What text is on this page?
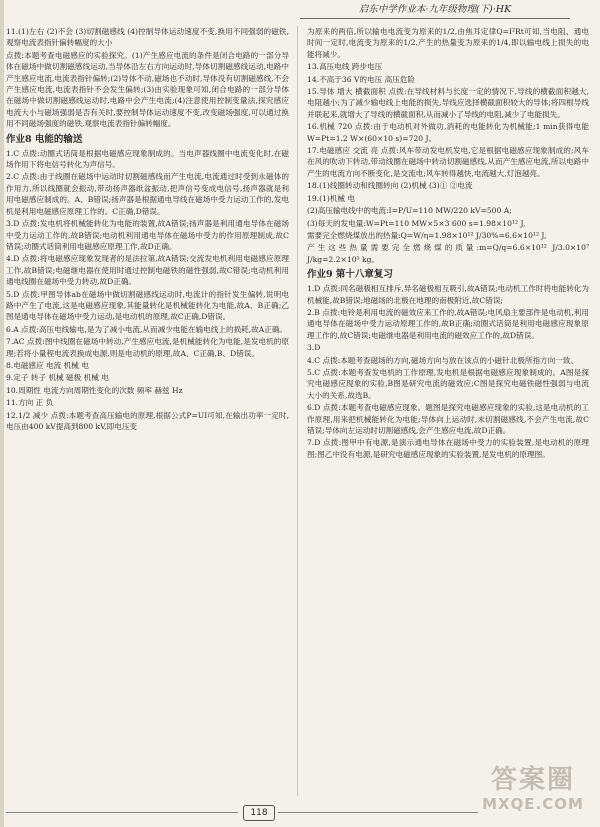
启东中学作业本·九年级物理(下)·HK

11.(1)左右 (2)不会 (3)切割磁感线 (4)控制导体运动速度不变,换用不同强弱的磁铁,观察电流表指针偏转幅度的大小

点拨:本题考查电磁感应的实验探究。(1)产生感应电流的条件是闭合电路的一部分导体在磁场中做切割磁感线运动,当导体沿左右方向运动时,导体切割磁感线运动,电路中产生感应电流,电流表指针偏转;(2)导体不动,磁场也不动时,导体没有切割磁感线,不会产生感应电流,电流表指针不会发生偏转;(3)由实验现象可知,闭合电路的一部分导体在磁场中做切割磁感线运动时,电路中会产生电流;(4)注意使用控制变量法,探究感应电流大小与磁场强弱是否有关时,要控制导体运动速度不变,改变磁场强度,可以通过换用不同磁场强度的磁铁,观察电流表指针偏转幅度。

作业8 电能的输送

1.C 点拨:动圈式话筒是根据电磁感应现象制成的。当电声器线圈中电流变化时,在磁场作用下将电信号转化为声信号。

2.C 点拨:由于线圈在磁场中运动时切割磁感线而产生电流,电流通过时受到永磁体的作用力,所以线圈就会振动,带动扬声器纸盆振动,把声信号变成电信号,扬声器就是利用电磁感应制成的。A、B错误;扬声器是根据通电导线在磁场中受力运动工作的,发电机是利用电磁感应原理工作的。C正确,D错误。

3.D 点拨:发电机将机械能转化为电能的装置,故A错误;扬声器是利用通电导体在磁场中受力运动工作的,故B错误;电动机利用通电导体在磁场中受力的作用原理制成,故C错误;动圈式话筒利用电磁感应原理工作,故D正确。

4.D 点拨:将电磁感应现象发现者的是法拉第,故A错误;交流发电机利用电磁感应原理工作,故B错误;电磁继电器在使用时通过控制电磁铁的磁性强弱,故C错误;电动机利用通电线圈在磁场中受力转动,故D正确。

5.D 点拨:甲图导体ab在磁场中做切割磁感线运动时,电流计的指针发生偏转,说明电路中产生了电流,这是电磁感应现象,其能量转化是机械能转化为电能,故A、B正确;乙图是通电导体在磁场中受力运动,是电动机的原理,故C正确,D错误。

6.A 点拨:高压电线输电,是为了减小电流,从而减少电能在输电线上的损耗,故A正确。

7.AC 点拨:图中线圈在磁场中转动,产生感应电流,是机械能转化为电能,是发电机的原理;若将小量程电流表换成电源,则是电动机的原理,故A、C正确,B、D错误。

8.电磁感应 电流 机械 电

9.定子 转子 机械 磁极 机械 电

10.周期性 电流方向周期性变化的次数 频率 赫兹 Hz

11.方向 正 负

12.1/2 减少 点拨:本题考查高压输电的原理,根据公式P=UI可知,在输出功率一定时,电压由400 kV提高到800 kV,即电压变

为原来的两倍,所以输电电流变为原来的1/2,由焦耳定律Q=I²Rt可知,当电阻、通电时间一定时,电流变为原来的1/2,产生的热量变为原来的1/4,即以输电线上损失的电能将减少。

13.高压电线 跨步电压

14.不高于36 V的电压 高压危险

15.导体 增大 横截面积 点拨:在导线材料与长度一定的情况下,导线的横截面积越大,电阻越小;为了减少输电线上电能的损失,导线应选择横截面积较大的导体;将四根导线并联起来,就增大了导线的横截面积,从而减小了导线的电阻,减少了电能损失。

16.机械 720 点拨:由于电动机对外做功,消耗的电能转化为机械能;1 min获得电能W=Pt=1.2 W×(60×10 s)=720 J。

17.电磁感应 交流 亮 点拨:风车带动发电机发电,它是根据电磁感应现象制成的;风车在风的吹动下转动,带动线圈在磁场中转动切割磁感线,从而产生感应电流,所以电路中产生的电流方向不断变化,是交流电;风车转得越快,电流越大,灯泡越亮。

18.(1)线圈转动和线圈转向 (2)机械 (3)① ②电流

19.(1)机械 电

(2)高压输电线中的电流:I=P/U=110 MW/220 kV=500 A;

(3)每天的发电量:W=Pt=110 MW×5×3 600 s=1.98×10¹² J,

需要完全燃烧煤放出的热量:Q=W/η=1.98×10¹² J/30%=6.6×10¹² J,

产生这些热量需要完全燃烧煤的质量:m=Q/q=6.6×10¹² J/3.0×10⁷ J/kg=2.2×10⁵ kg。

作业9 第十八章复习

1.D 点拨:同名磁极相互排斥,异名磁极相互吸引,故A错误;电动机工作时将电能转化为机械能,故B错误;地磁场的北极在地理的南极附近,故C错误;

2.B 点拨:电铃是利用电流的磁效应来工作的,故A错误;电风扇主要部件是电动机,利用通电导体在磁场中受力运动原理工作的,故B正确;动圈式话筒是利用电磁感应现象原理工作的,故C错误;电磁继电器是利用电流的磁效应工作的,故D错误。

3.D

4.C 点拨:本题考查磁场的方向,磁场方向与放在该点的小磁针北极所指方向一致。

5.C 点拨:本题考查发电机的工作原理,发电机是根据电磁感应现象制成的。A图是探究电磁感应现象的实验,B图是研究电流的磁效应;C图是探究电磁铁磁性强弱与电流大小的关系,故选B。

6.D 点拨:本题考查电磁感应现象。题图是探究电磁感应现象的实验,这是电动机的工作原理,用来把机械能转化为电能;导体向上运动时,未切割磁感线,不会产生电流,故C错误;导体向左运动时切割磁感线,会产生感应电流,故D正确。

7.D 点拨:图甲中有电源,是演示通电导体在磁场中受力的实验装置,是电动机的原理图;图乙中没有电源,是研究电磁感应现象的实验装置,是发电机的原理图。

118
答案圈
MXQE.COM
